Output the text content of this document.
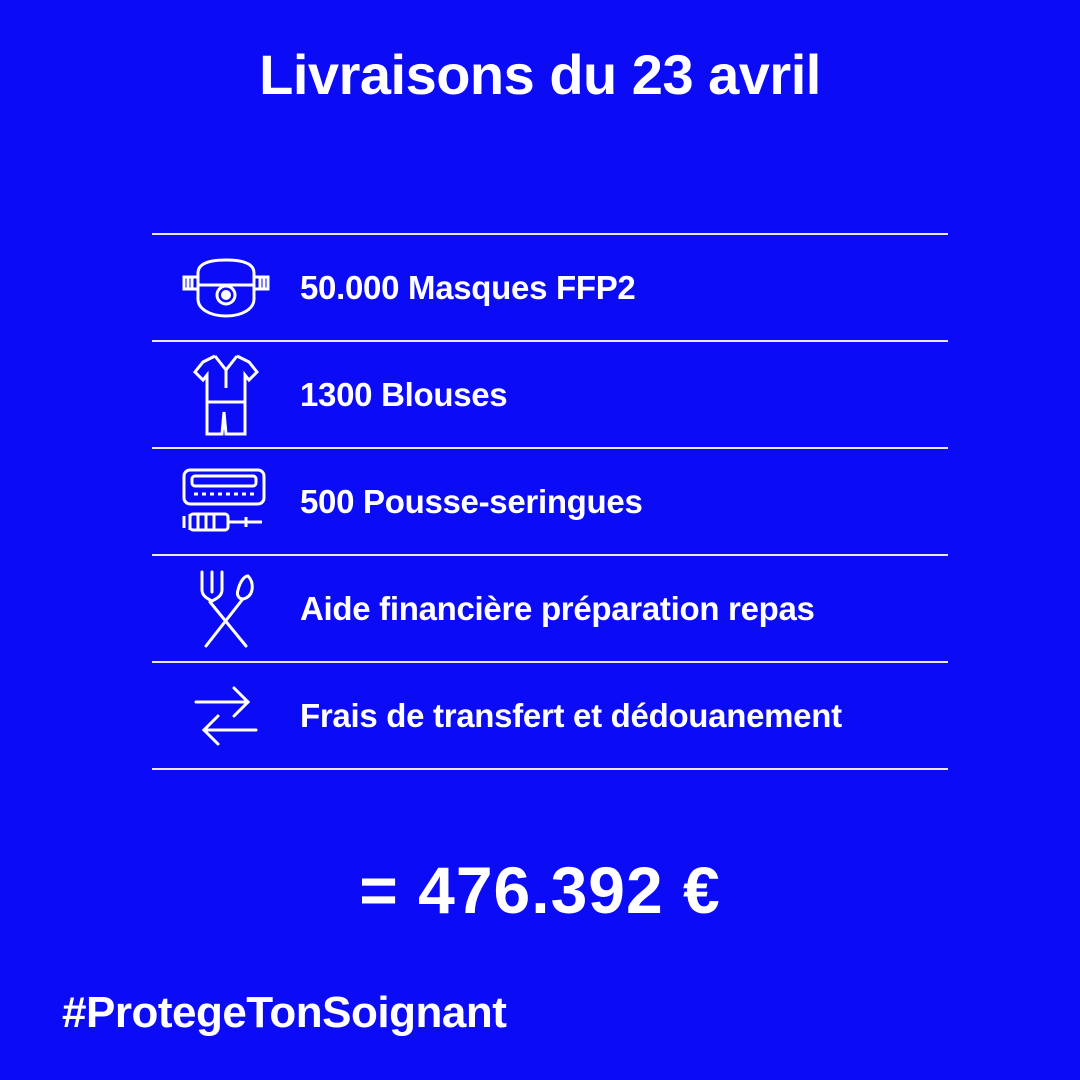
Livraisons du 23 avril
50.000 Masques FFP2
1300 Blouses
500 Pousse-seringues
Aide financière préparation repas
Frais de transfert et dédouanement
= 476.392 €
#ProtegeTonSoignant
